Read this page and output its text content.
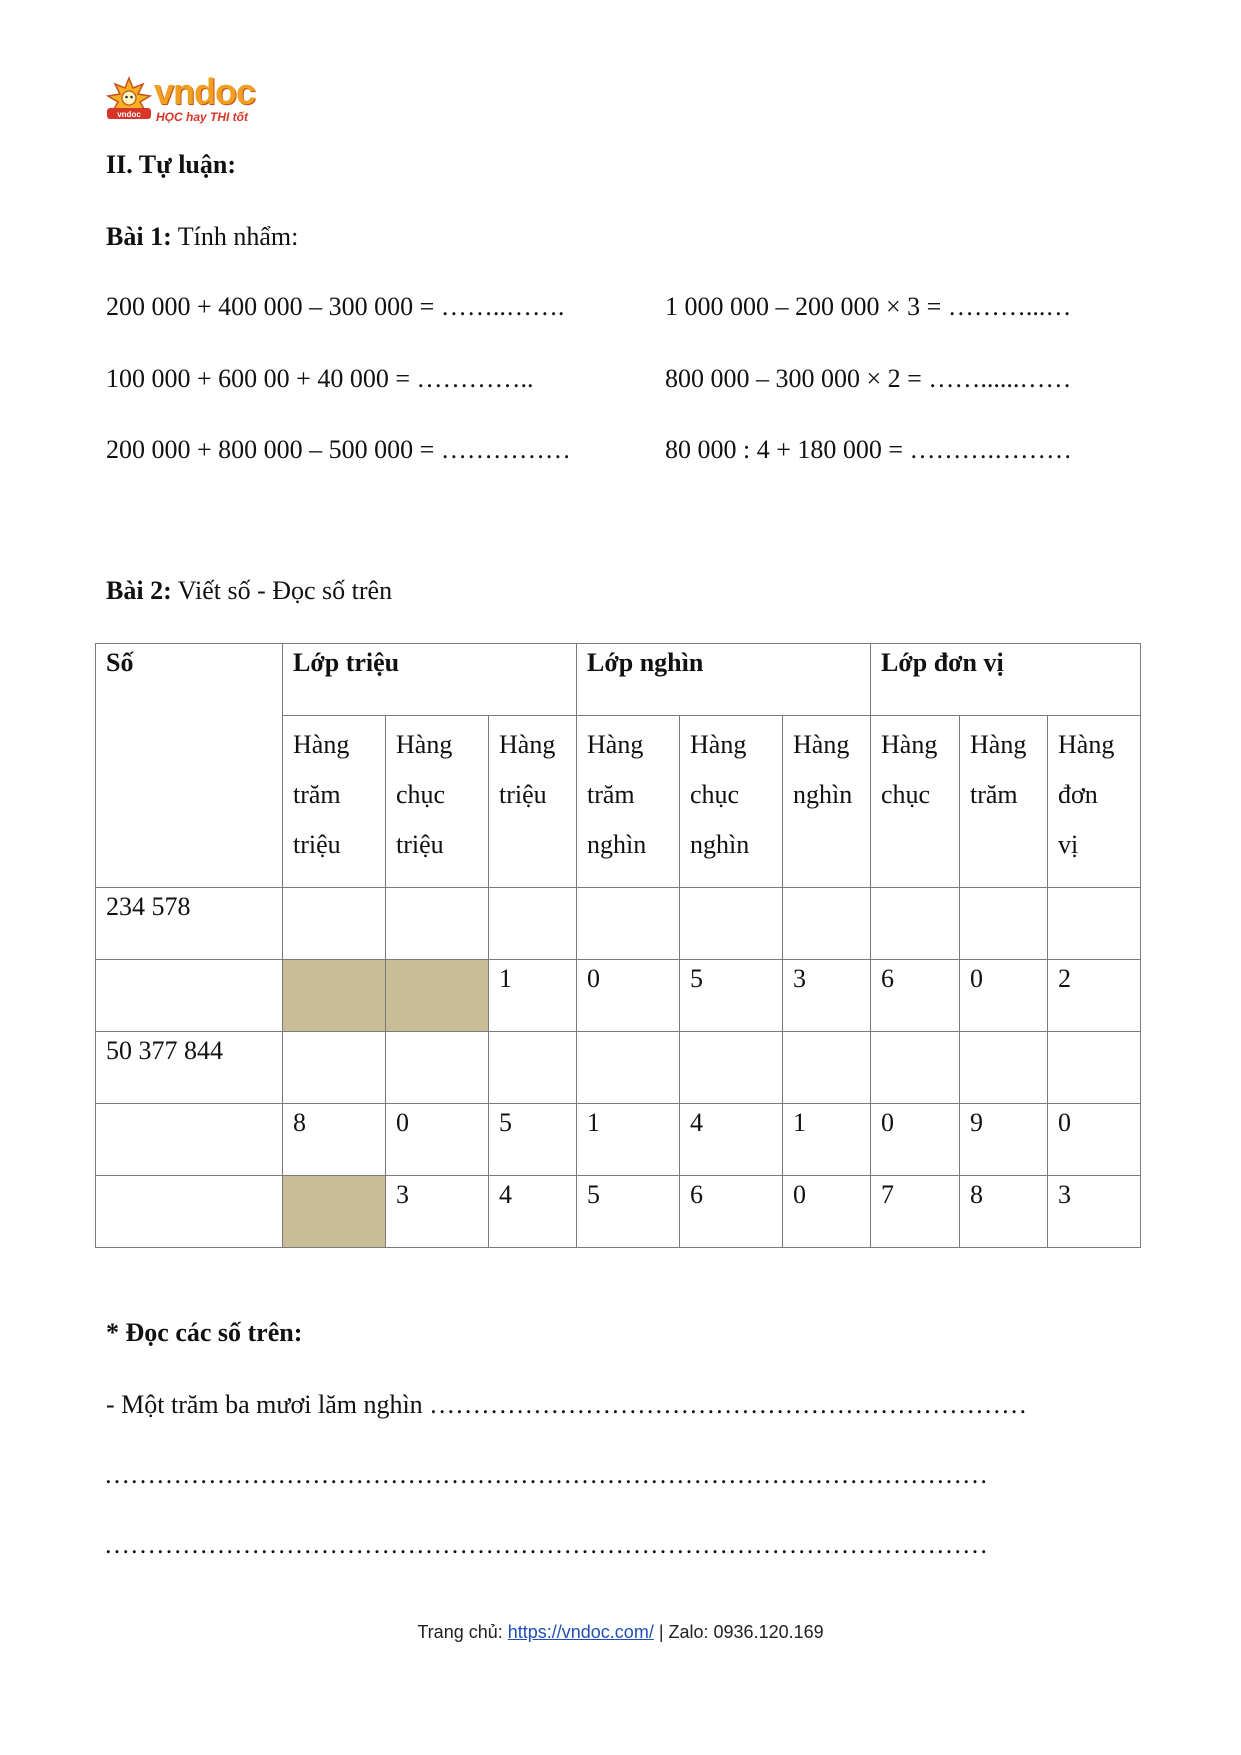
vndoc
vndoc
HỌC hay THI tốt
II. Tự luận:
Bài 1: Tính nhẩm:
200 000 + 400 000 – 300 000 = ……..…….
100 000 + 600 00 + 40 000 = …………..
200 000 + 800 000 – 500 000 = ……………
1 000 000 – 200 000 × 3 = ………...…
800 000 – 300 000 × 2 = ……......……
80 000 : 4 + 180 000 = ……….………
Bài 2: Viết số - Đọc số trên
Số	Lớp triệu			Lớp nghìn			Lớp đơn vị		

	Hàng
trăm
triệu	Hàng
chục
triệu	Hàng
triệu	Hàng
trăm
nghìn	Hàng
chục
nghìn	Hàng
nghìn	Hàng
chục	Hàng
trăm	Hàng
đơn
vị

234 578									
			1	0	5	3	6	0	2
50 377 844									
	8	0	5	1	4	1	0	9	0
		3	4	5	6	0	7	8	3
* Đọc các số trên:
- Một trăm ba mươi lăm nghìn ……………………………………………………………
…………………………………………………………………………………………
…………………………………………………………………………………………
Trang chủ: https://vndoc.com/ | Zalo: 0936.120.169
